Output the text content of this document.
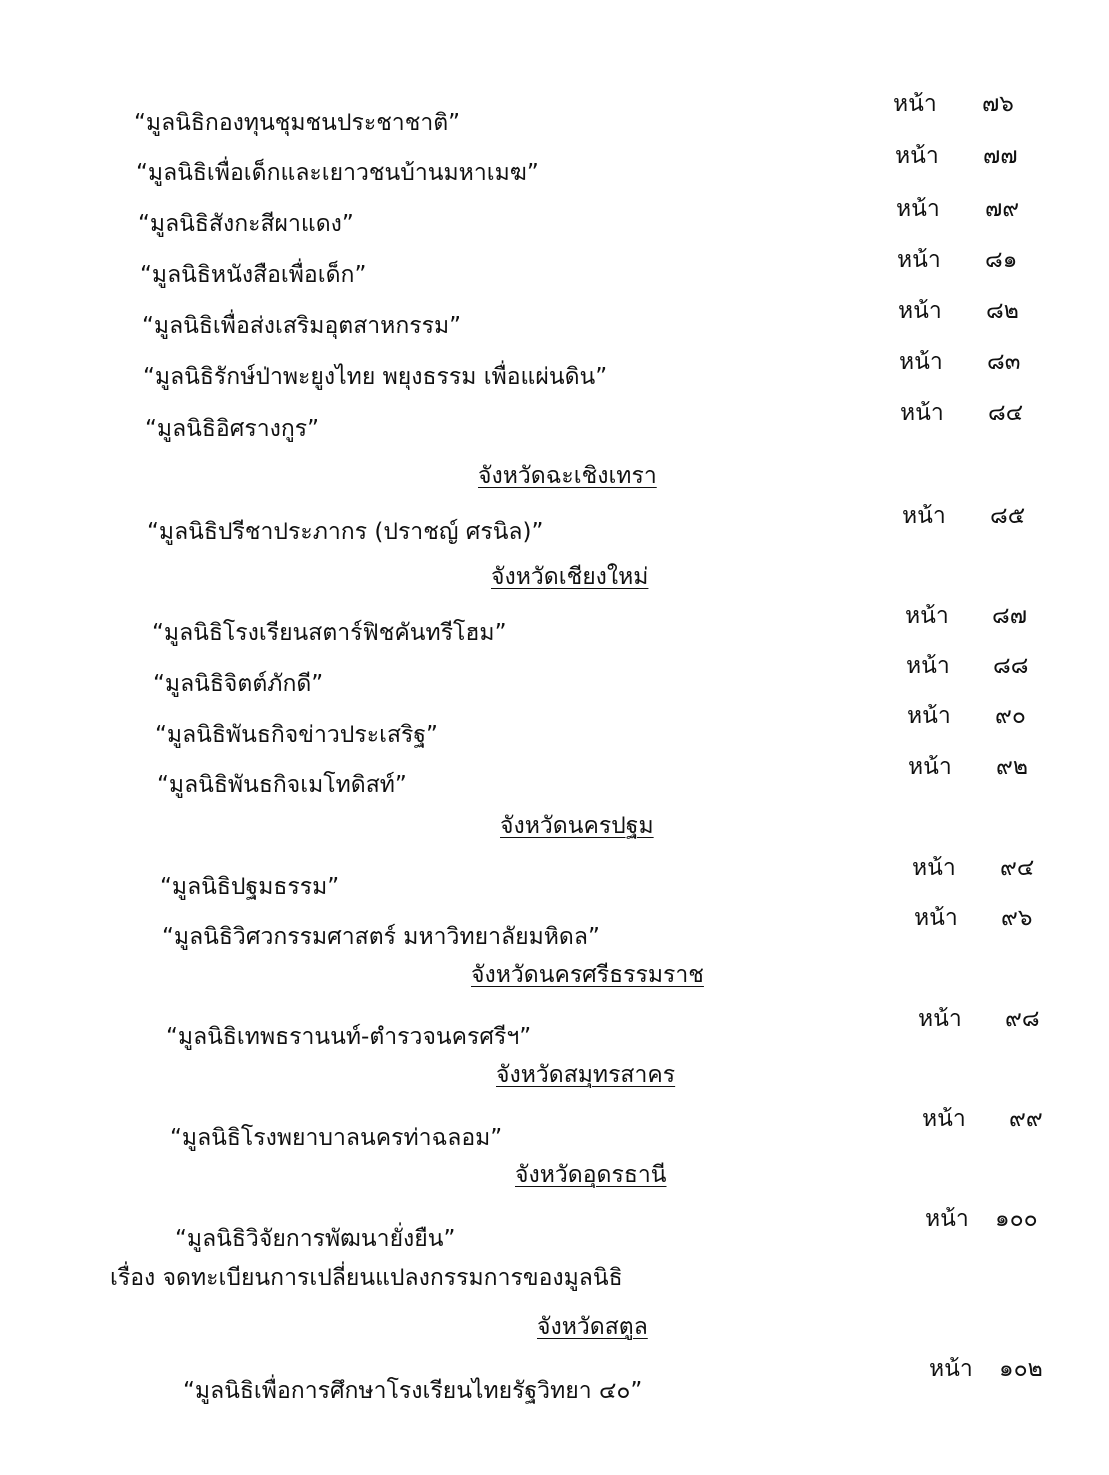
“มูลนิธิกองทุนชุมชนประชาชาติ”
หน้า ๗๖
“มูลนิธิเพื่อเด็กและเยาวชนบ้านมหาเมฆ”
หน้า ๗๗
“มูลนิธิสังกะสีผาแดง”
หน้า ๗๙
“มูลนิธิหนังสือเพื่อเด็ก”
หน้า ๘๑
“มูลนิธิเพื่อส่งเสริมอุตสาหกรรม”
หน้า ๘๒
“มูลนิธิรักษ์ป่าพะยูงไทย พยุงธรรม เพื่อแผ่นดิน”
หน้า ๘๓
“มูลนิธิอิศรางกูร”
หน้า ๘๔
จังหวัดฉะเชิงเทรา
“มูลนิธิปรีชาประภากร (ปราชญ์ ศรนิล)”
หน้า ๘๕
จังหวัดเชียงใหม่
“มูลนิธิโรงเรียนสตาร์ฟิชคันทรีโฮม”
หน้า ๘๗
“มูลนิธิจิตต์ภักดี”
หน้า ๘๘
“มูลนิธิพันธกิจข่าวประเสริฐ”
หน้า ๙๐
“มูลนิธิพันธกิจเมโทดิสท์”
หน้า ๙๒
จังหวัดนครปฐม
“มูลนิธิปฐมธรรม”
หน้า ๙๔
“มูลนิธิวิศวกรรมศาสตร์ มหาวิทยาลัยมหิดล”
หน้า ๙๖
จังหวัดนครศรีธรรมราช
“มูลนิธิเทพธรานนท์-ตำรวจนครศรีฯ”
หน้า ๙๘
จังหวัดสมุทรสาคร
“มูลนิธิโรงพยาบาลนครท่าฉลอม”
หน้า ๙๙
จังหวัดอุดรธานี
“มูลนิธิวิจัยการพัฒนายั่งยืน”
หน้า ๑๐๐
เรื่อง จดทะเบียนการเปลี่ยนแปลงกรรมการของมูลนิธิ
จังหวัดสตูล
“มูลนิธิเพื่อการศึกษาโรงเรียนไทยรัฐวิทยา ๔๐”
หน้า ๑๐๒
